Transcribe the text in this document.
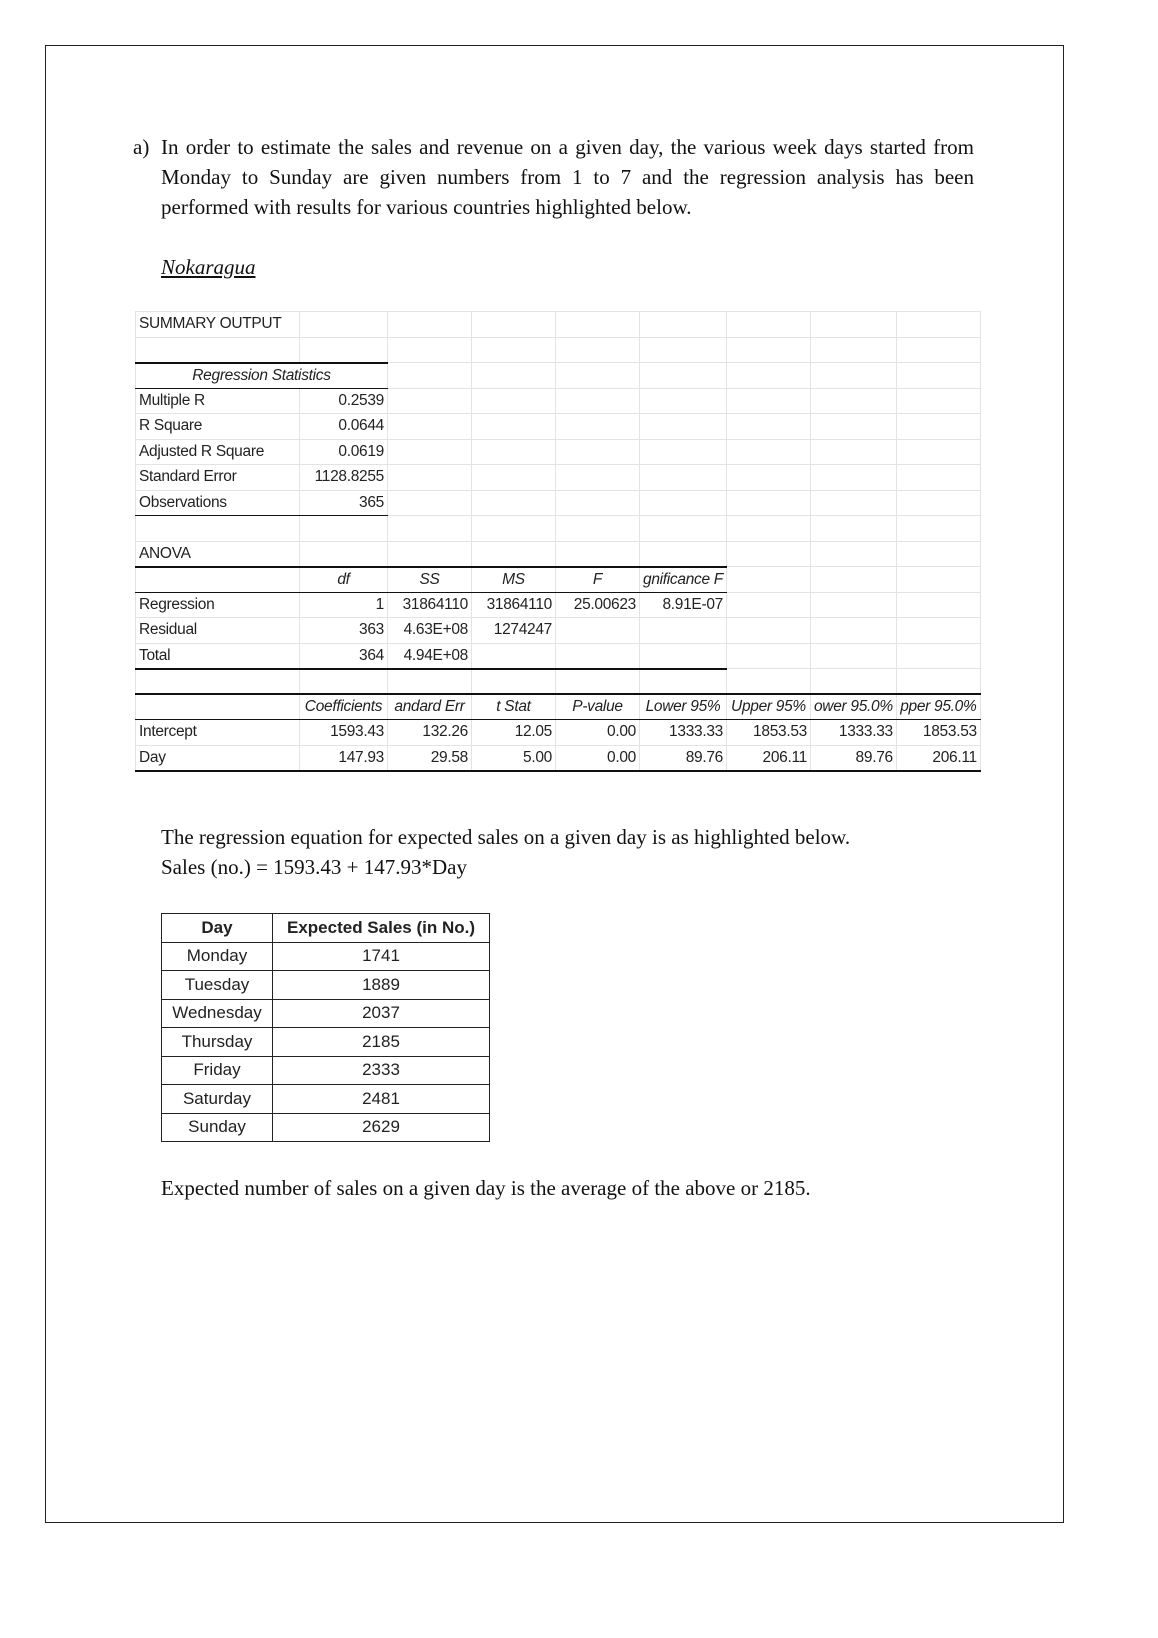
a) In order to estimate the sales and revenue on a given day, the various week days started from Monday to Sunday are given numbers from 1 to 7 and the regression analysis has been performed with results for various countries highlighted below.
Nokaragua
SUMMARY OUTPUT								

Regression Statistics								
Multiple R	0.2539							
R Square	0.0644							
Adjusted R Square	0.0619							
Standard Error	1128.8255							
Observations	365							

ANOVA								
	df	SS	MS	F	gnificance F			
Regression	1	31864110	31864110	25.00623	8.91E-07			
Residual	363	4.63E+08	1274247					
Total	364	4.94E+08						

	Coefficients	andard Err	t Stat	P-value	Lower 95%	Upper 95%	ower 95.0%	pper 95.0%
Intercept	1593.43	132.26	12.05	0.00	1333.33	1853.53	1333.33	1853.53
Day	147.93	29.58	5.00	0.00	89.76	206.11	89.76	206.11
The regression equation for expected sales on a given day is as highlighted below.
Sales (no.) = 1593.43 + 147.93*Day
Day	Expected Sales (in No.)
Monday	1741
Tuesday	1889
Wednesday	2037
Thursday	2185
Friday	2333
Saturday	2481
Sunday	2629
Expected number of sales on a given day is the average of the above or 2185.
